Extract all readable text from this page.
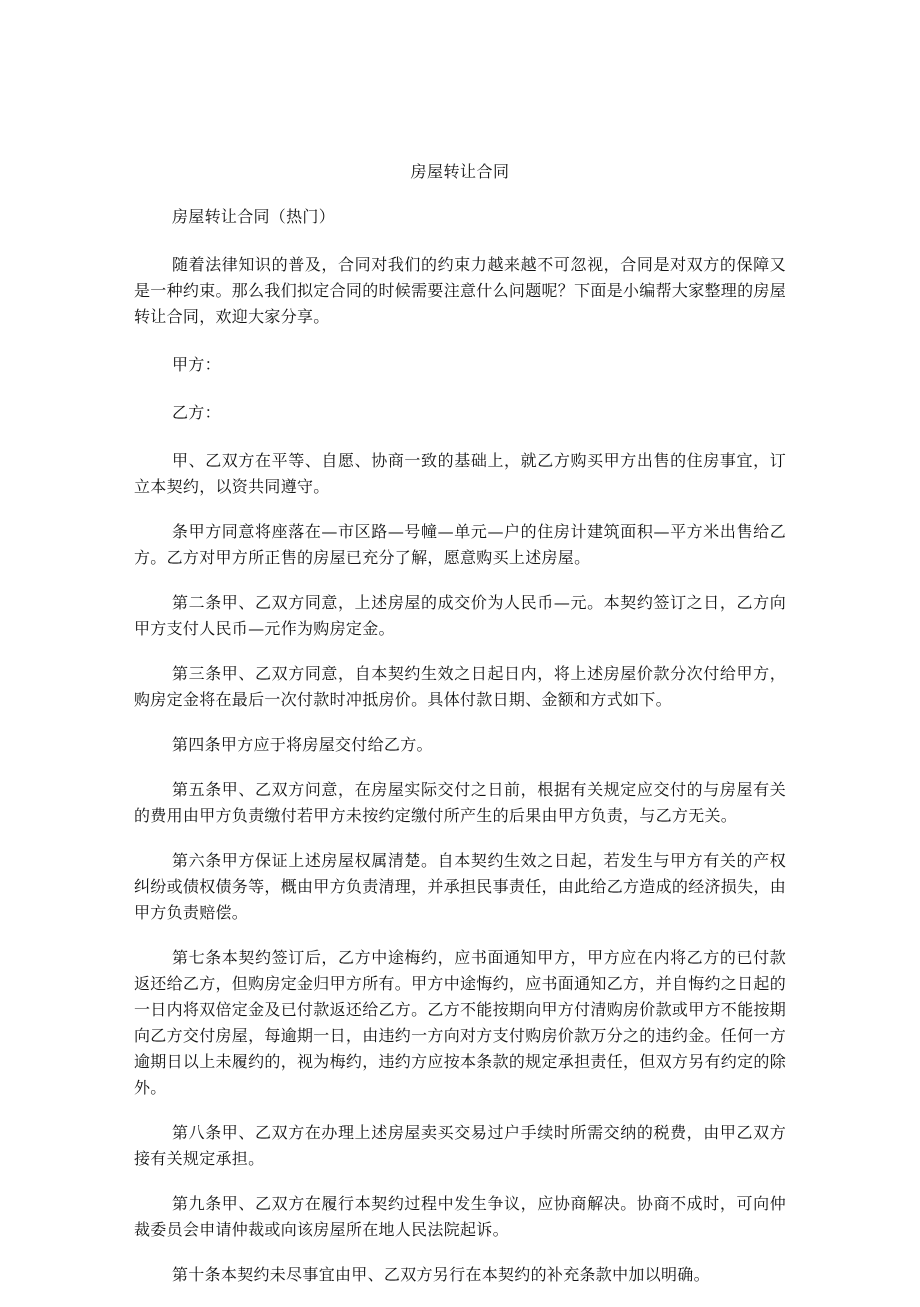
房屋转让合同

房屋转让合同（热门）

随着法律知识的普及，合同对我们的约束力越来越不可忽视，合同是对双方的保障又是一种约束。那么我们拟定合同的时候需要注意什么问题呢？下面是小编帮大家整理的房屋转让合同，欢迎大家分享。

甲方：

乙方：

甲、乙双方在平等、自愿、协商一致的基础上，就乙方购买甲方出售的住房事宜，订立本契约，以资共同遵守。

条甲方同意将座落在—市区路—号幢—单元—户的住房计建筑面积—平方米出售给乙方。乙方对甲方所正售的房屋已充分了解，愿意购买上述房屋。

第二条甲、乙双方同意，上述房屋的成交价为人民币—元。本契约签订之日，乙方向甲方支付人民币—元作为购房定金。

第三条甲、乙双方同意，自本契约生效之日起日内，将上述房屋价款分次付给甲方，购房定金将在最后一次付款时冲抵房价。具体付款日期、金额和方式如下。

第四条甲方应于将房屋交付给乙方。

第五条甲、乙双方问意，在房屋实际交付之日前，根据有关规定应交付的与房屋有关的费用由甲方负责缴付若甲方未按约定缴付所产生的后果由甲方负责，与乙方无关。

第六条甲方保证上述房屋权属清楚。自本契约生效之日起，若发生与甲方有关的产权纠纷或债权债务等，概由甲方负责清理，并承担民事责任，由此给乙方造成的经济损失，由甲方负责赔偿。

第七条本契约签订后，乙方中途梅约，应书面通知甲方，甲方应在内将乙方的已付款返还给乙方，但购房定金归甲方所有。甲方中途悔约，应书面通知乙方，并自悔约之日起的一日内将双倍定金及已付款返还给乙方。乙方不能按期向甲方付清购房价款或甲方不能按期向乙方交付房屋，每逾期一日，由违约一方向对方支付购房价款万分之的违约金。任何一方逾期日以上未履约的，视为梅约，违约方应按本条款的规定承担责任，但双方另有约定的除外。

第八条甲、乙双方在办理上述房屋卖买交易过户手续时所需交纳的税费，由甲乙双方接有关规定承担。

第九条甲、乙双方在履行本契约过程中发生争议，应协商解决。协商不成时，可向仲裁委员会申请仲裁或向该房屋所在地人民法院起诉。

第十条本契约未尽事宜由甲、乙双方另行在本契约的补充条款中加以明确。
